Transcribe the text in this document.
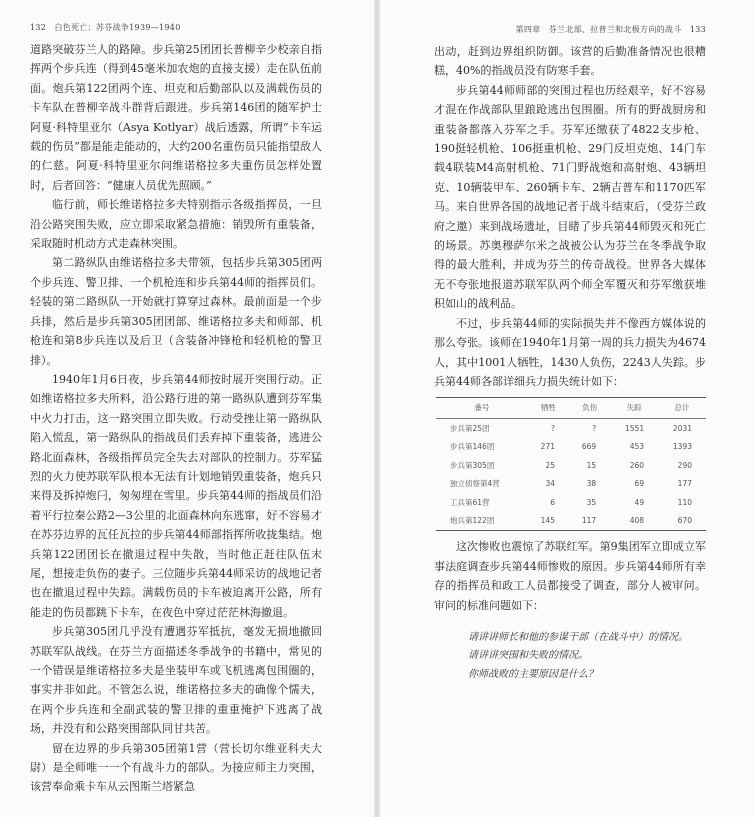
132　白色死亡：苏芬战争1939—1940

道路突破芬兰人的路障。步兵第25团团长普柳辛少校亲自指挥两个步兵连（得到45毫米加农炮的直接支援）走在队伍前面。炮兵第122团两个连、坦克和后勤部队以及满载伤员的卡车队在普柳辛战斗群背后跟进。步兵第146团的随军护士阿夏·科特里亚尔（Asya Kotlyar）战后透露，所谓“卡车运载的伤员”都是能走能动的，大约200名重伤员只能指望敌人的仁慈。阿夏·科特里亚尔问维诺格拉多夫重伤员怎样处置时，后者回答：“健康人员优先照顾。”

临行前，师长维诺格拉多夫特别指示各级指挥员，一旦沿公路突围失败，应立即采取紧急措施：销毁所有重装备，采取随时机动方式走森林突围。

第二路纵队由维诺格拉多夫带领，包括步兵第305团两个步兵连、警卫排、一个机枪连和步兵第44师的指挥员们。轻装的第二路纵队一开始就打算穿过森林。最前面是一个步兵排，然后是步兵第305团团部、维诺格拉多夫和师部、机枪连和第8步兵连以及后卫（含装备冲锋枪和轻机枪的警卫排）。

1940年1月6日夜，步兵第44师按时展开突围行动。正如维诺格拉多夫所料，沿公路行进的第一路纵队遭到芬军集中火力打击，这一路突围立即失败。行动受挫让第一路纵队陷入慌乱，第一路纵队的指战员们丢弃掉下重装备，逃进公路北面森林，各级指挥员完全失去对部队的控制力。芬军猛烈的火力使苏联军队根本无法有计划地销毁重装备，炮兵只来得及拆掉炮闩，匆匆埋在雪里。步兵第44师的指战员们沿着平行拉秦公路2—3公里的北面森林向东逃窜，好不容易才在苏芬边界的瓦任瓦拉的步兵第44师部指挥所收拢集结。炮兵第122团团长在撤退过程中失散，当时他正赶往队伍末尾，想接走负伤的妻子。三位随步兵第44师采访的战地记者也在撤退过程中失踪。满载伤员的卡车被迫离开公路，所有能走的伤员都跳下卡车，在夜色中穿过茫茫林海撤退。

步兵第305团几乎没有遭遇芬军抵抗，毫发无损地撤回苏联军队战线。在芬兰方面描述冬季战争的书籍中，常见的一个错误是维诺格拉多夫是坐装甲车或飞机逃离包围圈的，事实并非如此。不管怎么说，维诺格拉多夫的确像个懦夫，在两个步兵连和全副武装的警卫排的重重掩护下逃离了战场，并没有和公路突围部队同甘共苦。

留在边界的步兵第305团第1营（营长切尔维亚科夫大尉）是全师唯一一个有战斗力的部队。为接应师主力突围，该营奉命乘卡车从云图斯兰塔紧急

第四章　芬兰北部、拉普兰和北极方向的战斗　133

出动，赶到边界组织防御。该营的后勤准备情况也很糟糕，40%的指战员没有防寒手套。

步兵第44师师部的突围过程也历经艰辛，好不容易才混在作战部队里踉跄逃出包围圈。所有的野战厨房和重装备都落入芬军之手。芬军还缴获了4822支步枪、190挺轻机枪、106挺重机枪、29门反坦克炮、14门车载4联装M4高射机枪、71门野战炮和高射炮、43辆坦克、10辆装甲车、260辆卡车、2辆吉普车和1170匹军马。来自世界各国的战地记者于战斗结束后，（受芬兰政府之邀）来到战场遗址，目睹了步兵第44师毁灭和死亡的场景。苏奥穆萨尔米之战被公认为芬兰在冬季战争取得的最大胜利，并成为芬兰的传奇战役。世界各大媒体无不夸张地报道苏联军队两个师全军覆灭和芬军缴获堆积如山的战利品。

不过，步兵第44师的实际损失并不像西方媒体说的那么夸张。该师在1940年1月第一周的兵力损失为4674人，其中1001人牺牲，1430人负伤，2243人失踪。步兵第44师各部详细兵力损失统计如下：

番号	牺牲	负伤	失踪	总计
步兵第25团	?	?	1551	2031
步兵第146团	271	669	453	1393
步兵第305团	25	15	260	290
独立侦察第4营	34	38	69	177
工兵第61营	6	35	49	110
炮兵第122团	145	117	408	670

这次惨败也震惊了苏联红军。第9集团军立即成立军事法庭调查步兵第44师惨败的原因。步兵第44师所有幸存的指挥员和政工人员都接受了调查，部分人被审问。审问的标准问题如下：

请讲讲师长和他的参谋干部（在战斗中）的情况。
请讲讲突围和失败的情况。
你师战败的主要原因是什么？
